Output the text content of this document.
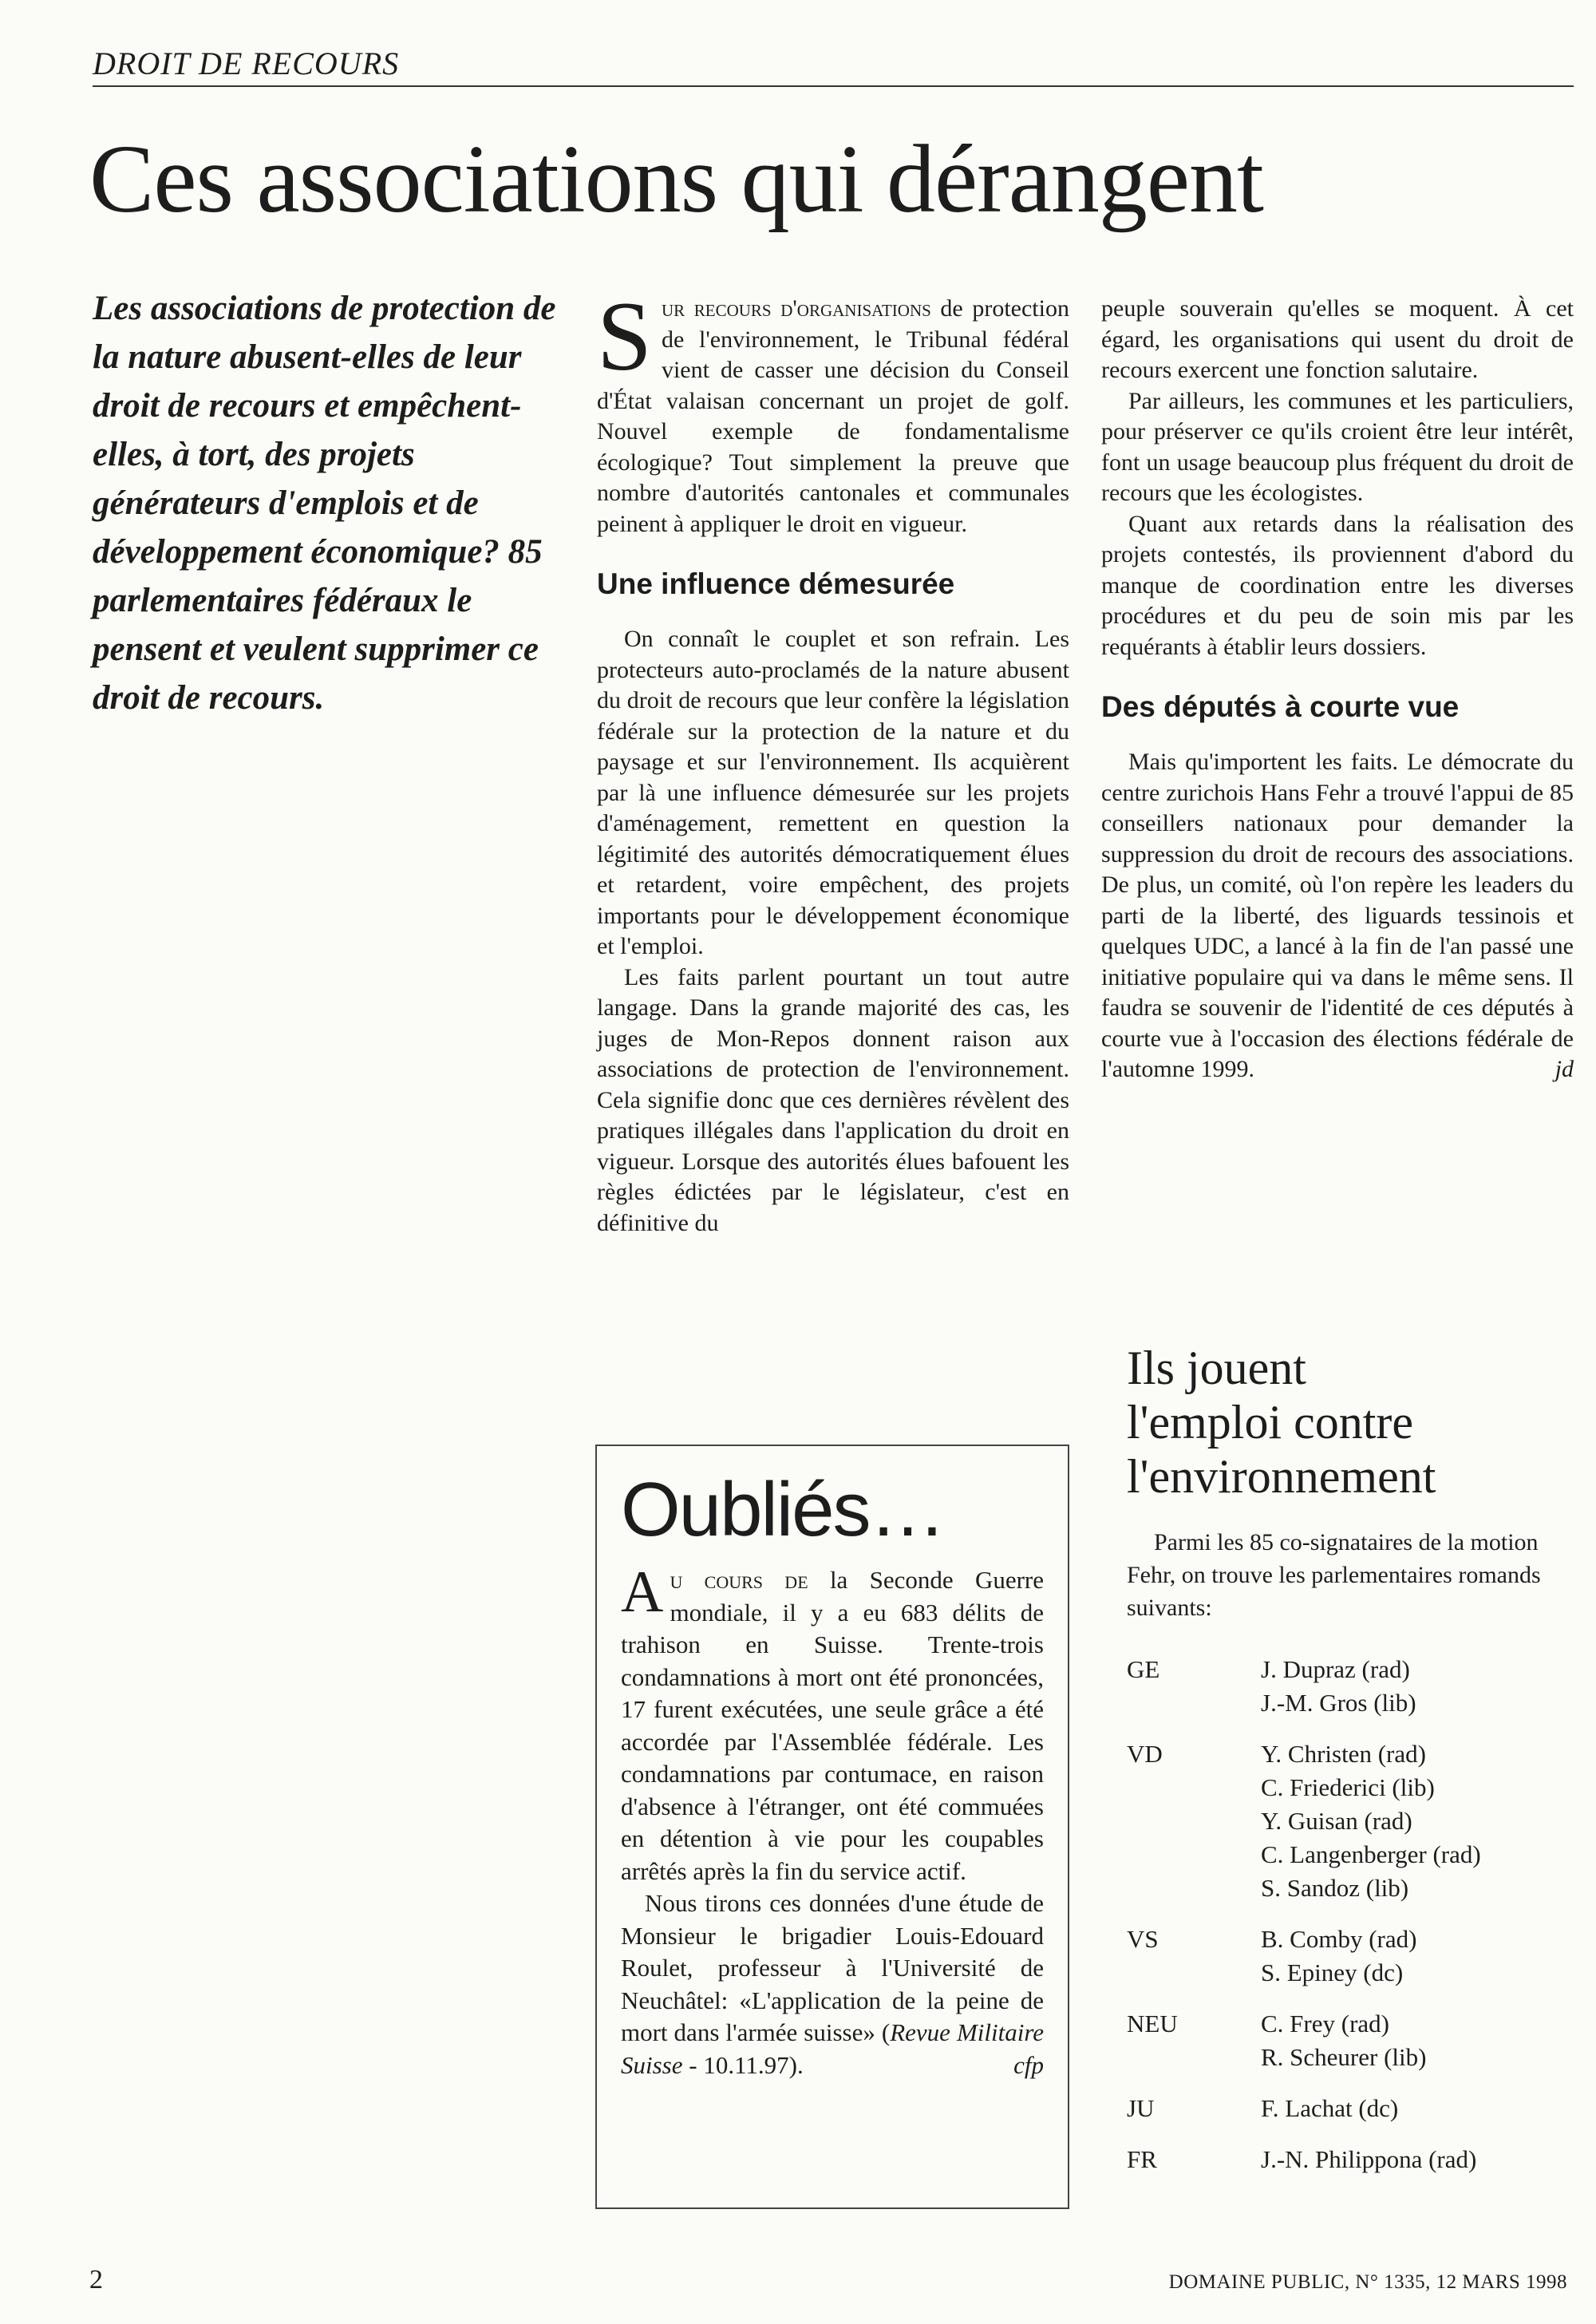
DROIT DE RECOURS
Ces associations qui dérangent

Les associations de protection de la nature abusent-elles de leur droit de recours et empêchent-elles, à tort, des projets générateurs d'emplois et de développement économique? 85 parlementaires fédéraux le pensent et veulent supprimer ce droit de recours.

Sur recours d'organisations de protection de l'environnement, le Tribunal fédéral vient de casser une décision du Conseil d'État valaisan concernant un projet de golf. Nouvel exemple de fondamentalisme écologique? Tout simplement la preuve que nombre d'autorités cantonales et communales peinent à appliquer le droit en vigueur.

Une influence démesurée

On connaît le couplet et son refrain. Les protecteurs auto-proclamés de la nature abusent du droit de recours que leur confère la législation fédérale sur la protection de la nature et du paysage et sur l'environnement. Ils acquièrent par là une influence démesurée sur les projets d'aménagement, remettent en question la légitimité des autorités démocratiquement élues et retardent, voire empêchent, des projets importants pour le développement économique et l'emploi.

Les faits parlent pourtant un tout autre langage. Dans la grande majorité des cas, les juges de Mon-Repos donnent raison aux associations de protection de l'environnement. Cela signifie donc que ces dernières révèlent des pratiques illégales dans l'application du droit en vigueur. Lorsque des autorités élues bafouent les règles édictées par le législateur, c'est en définitive du

peuple souverain qu'elles se moquent. À cet égard, les organisations qui usent du droit de recours exercent une fonction salutaire.

Par ailleurs, les communes et les particuliers, pour préserver ce qu'ils croient être leur intérêt, font un usage beaucoup plus fréquent du droit de recours que les écologistes.

Quant aux retards dans la réalisation des projets contestés, ils proviennent d'abord du manque de coordination entre les diverses procédures et du peu de soin mis par les requérants à établir leurs dossiers.

Des députés à courte vue

Mais qu'importent les faits. Le démocrate du centre zurichois Hans Fehr a trouvé l'appui de 85 conseillers nationaux pour demander la suppression du droit de recours des associations. De plus, un comité, où l'on repère les leaders du parti de la liberté, des liguards tessinois et quelques UDC, a lancé à la fin de l'an passé une initiative populaire qui va dans le même sens. Il faudra se souvenir de l'identité de ces députés à courte vue à l'occasion des élections fédérale de l'automne 1999.	jd

Oubliés…

Au cours de la Seconde Guerre mondiale, il y a eu 683 délits de trahison en Suisse. Trente-trois condamnations à mort ont été prononcées, 17 furent exécutées, une seule grâce a été accordée par l'Assemblée fédérale. Les condamnations par contumace, en raison d'absence à l'étranger, ont été commuées en détention à vie pour les coupables arrêtés après la fin du service actif.

Nous tirons ces données d'une étude de Monsieur le brigadier Louis-Edouard Roulet, professeur à l'Université de Neuchâtel: «L'application de la peine de mort dans l'armée suisse» (Revue Militaire Suisse - 10.11.97).	cfp

Ils jouent
l'emploi contre
l'environnement
Parmi les 85 co-signataires de la motion Fehr, on trouve les parlementaires romands suivants:
GE	J. Dupraz (rad)
J.-M. Gros (lib)
VD	Y. Christen (rad)
C. Friederici (lib)
Y. Guisan (rad)
C. Langenberger (rad)
S. Sandoz (lib)
VS	B. Comby (rad)
S. Epiney (dc)
NEU	C. Frey (rad)
R. Scheurer (lib)
JU	F. Lachat (dc)
FR	J.-N. Philippona (rad)
2	DOMAINE PUBLIC, N° 1335, 12 MARS 1998
